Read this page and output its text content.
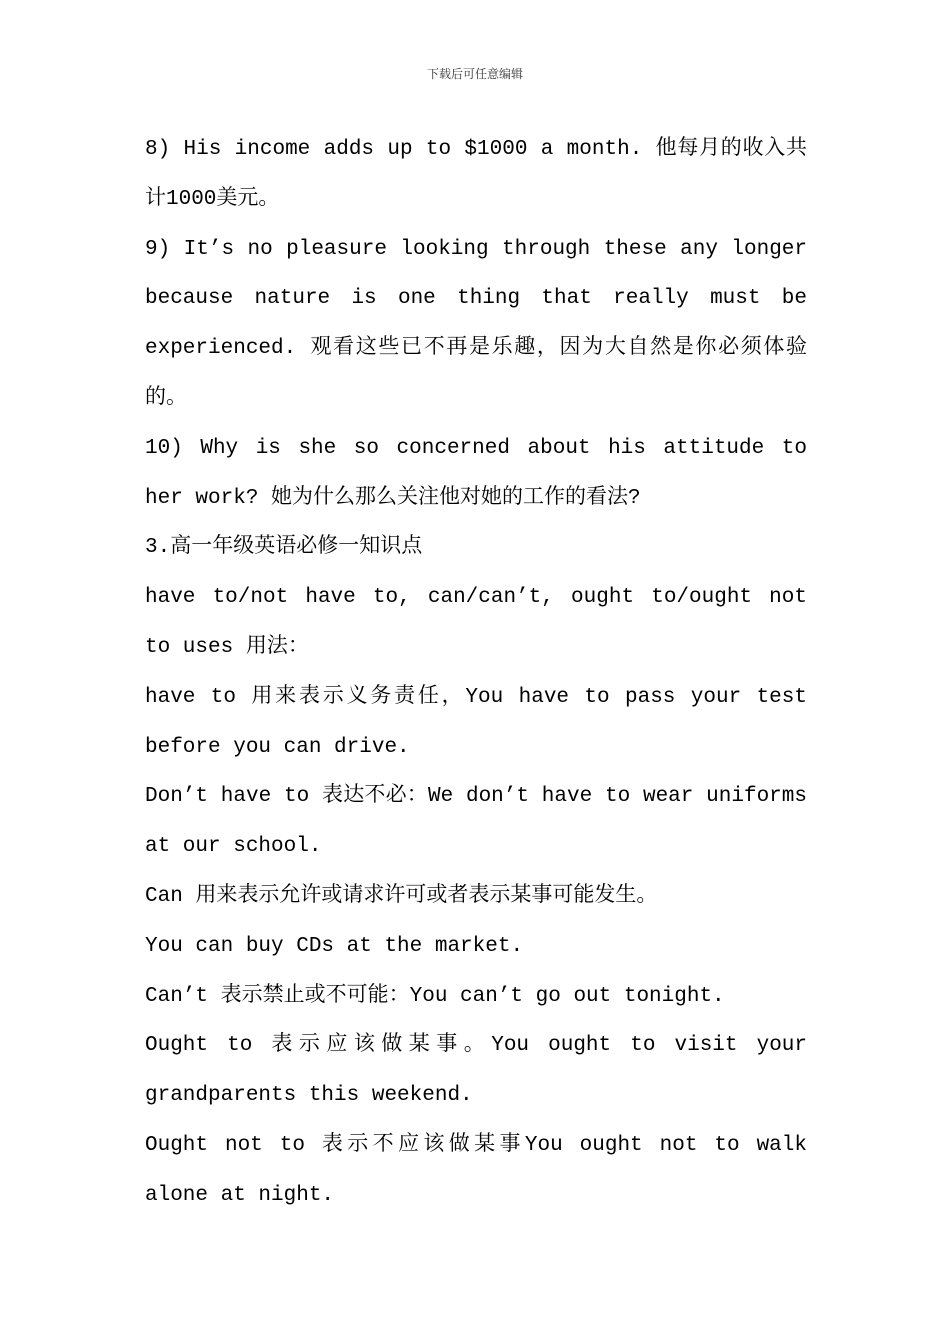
下载后可任意编辑

8) His income adds up to $1000 a month. 他每月的收入共计1000美元。

9) It’s no pleasure looking through these any longer because nature is one thing that really must be experienced. 观看这些已不再是乐趣，因为大自然是你必须体验的。

10) Why is she so concerned about his attitude to her work? 她为什么那么关注他对她的工作的看法?

3.高一年级英语必修一知识点

have to/not have to, can/can’t, ought to/ought not to uses 用法：

have to 用来表示义务责任，You have to pass your test before you can drive.

Don’t have to 表达不必：We don’t have to wear uniforms at our school.

Can 用来表示允许或请求许可或者表示某事可能发生。

You can buy CDs at the market.

Can’t 表示禁止或不可能：You can’t go out tonight.

Ought to 表示应该做某事。You ought to visit your grandparents this weekend.

Ought not to 表示不应该做某事You ought not to walk alone at night.
